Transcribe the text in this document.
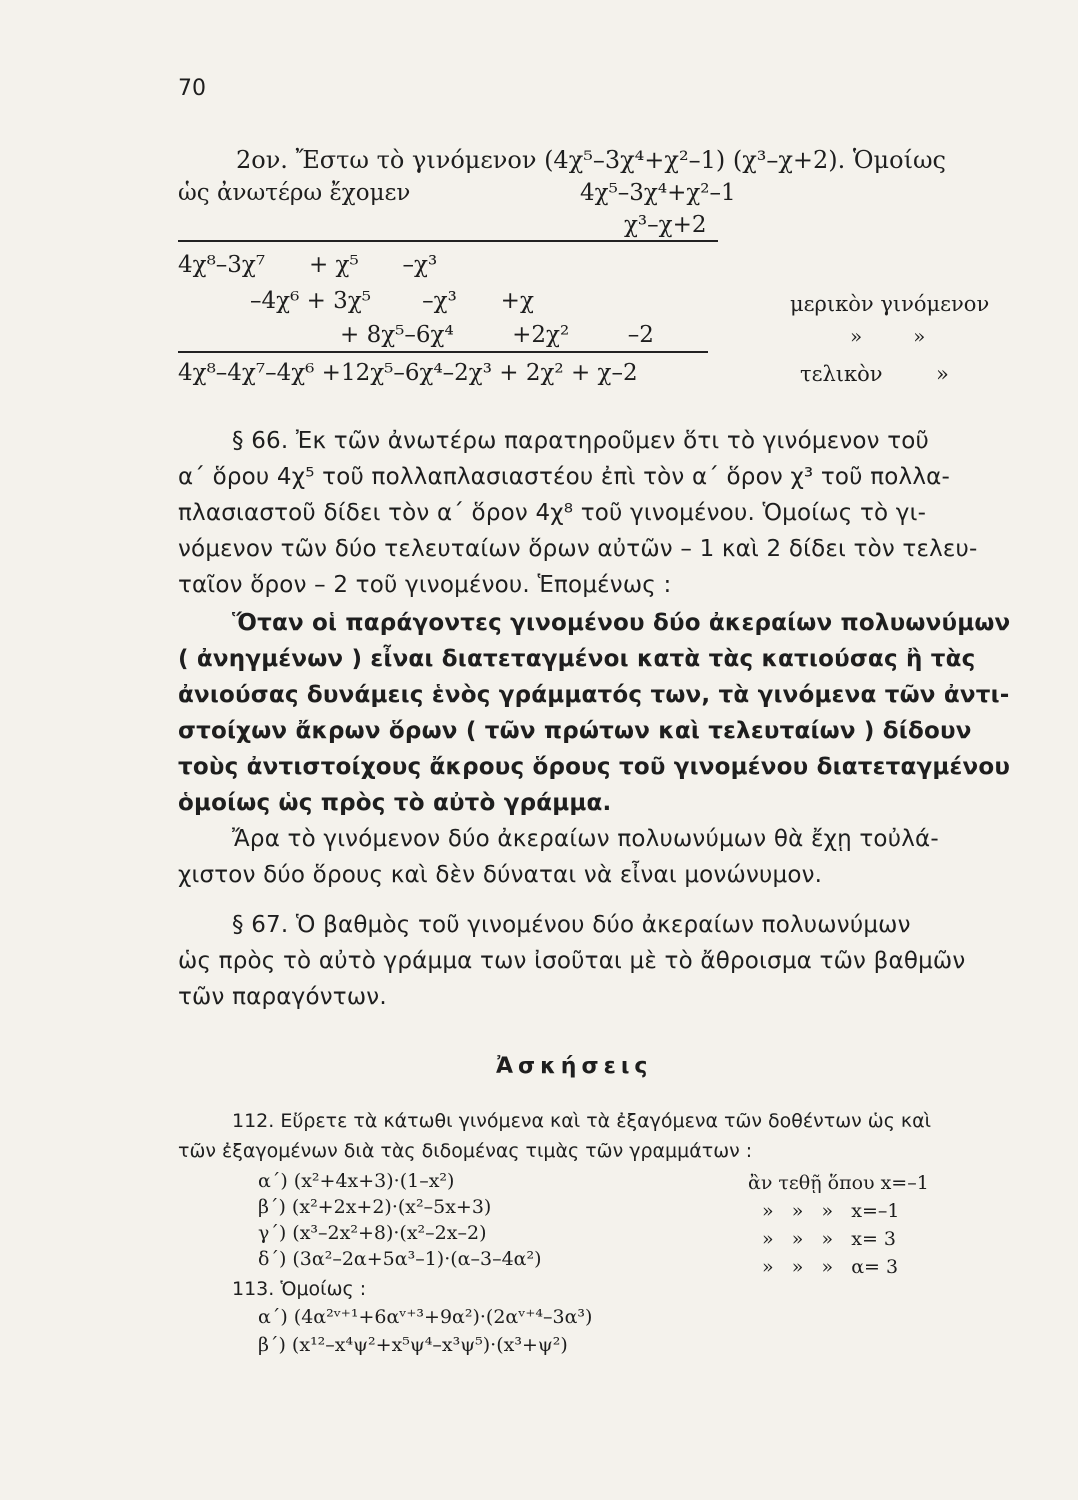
70
2ον. Ἔστω τὸ γινόμενον (4χ⁵–3χ⁴+χ²–1) (χ³–χ+2). Ὁμοίως
ὡς ἀνωτέρω ἔχομεν	4χ⁵–3χ⁴+χ²–1
χ³–χ+2
4χ⁸–3χ⁷      + χ⁵      –χ³
–4χ⁶ + 3χ⁵       –χ³      +χ	μερικὸν γινόμενον
+ 8χ⁵–6χ⁴        +2χ²        –2	»        »
4χ⁸–4χ⁷–4χ⁶ +12χ⁵–6χ⁴–2χ³ + 2χ² + χ–2	τελικὸν        »
§ 66. Ἐκ τῶν ἀνωτέρω παρατηροῦμεν ὅτι τὸ γινόμενον τοῦ
α΄ ὅρου 4χ⁵ τοῦ πολλαπλασιαστέου ἐπὶ τὸν α΄ ὅρον χ³ τοῦ πολλα-
πλασιαστοῦ δίδει τὸν α΄ ὅρον 4χ⁸ τοῦ γινομένου. Ὁμοίως τὸ γι-
νόμενον τῶν δύο τελευταίων ὅρων αὐτῶν – 1 καὶ 2 δίδει τὸν τελευ-
ταῖον ὅρον – 2 τοῦ γινομένου. Ἑπομένως :
Ὅταν οἱ παράγοντες γινομένου δύο ἀκεραίων πολυωνύμων
( ἀνηγμένων ) εἶναι διατεταγμένοι κατὰ τὰς κατιούσας ἢ τὰς
ἀνιούσας δυνάμεις ἑνὸς γράμματός των, τὰ γινόμενα τῶν ἀντι-
στοίχων ἄκρων ὅρων ( τῶν πρώτων καὶ τελευταίων ) δίδουν
τοὺς ἀντιστοίχους ἄκρους ὅρους τοῦ γινομένου διατεταγμένου
ὁμοίως ὡς πρὸς τὸ αὐτὸ γράμμα.
Ἄρα τὸ γινόμενον δύο ἀκεραίων πολυωνύμων θὰ ἔχῃ τοὐλά-
χιστον δύο ὅρους καὶ δὲν δύναται νὰ εἶναι μονώνυμον.
§ 67. Ὁ βαθμὸς τοῦ γινομένου δύο ἀκεραίων πολυωνύμων
ὡς πρὸς τὸ αὐτὸ γράμμα των ἰσοῦται μὲ τὸ ἄθροισμα τῶν βαθμῶν
τῶν παραγόντων.
Ἀσκήσεις
112. Εὕρετε τὰ κάτωθι γινόμενα καὶ τὰ ἐξαγόμενα τῶν δοθέντων ὡς καὶ
τῶν ἐξαγομένων διὰ τὰς διδομένας τιμὰς τῶν γραμμάτων :
α΄) (x²+4x+3)·(1–x²)	ἂν τεθῇ ὅπου x=–1
β΄) (x²+2x+2)·(x²–5x+3)	»   »   »   x=–1
γ΄) (x³–2x²+8)·(x²–2x–2)	»   »   »   x= 3
δ΄) (3α²–2α+5α³–1)·(α–3–4α²)	»   »   »   α= 3
113. Ὁμοίως :
α΄) (4α²ᵛ⁺¹+6αᵛ⁺³+9α²)·(2αᵛ⁺⁴–3α³)
β΄) (x¹²–x⁴ψ²+x⁵ψ⁴–x³ψ⁵)·(x³+ψ²)
